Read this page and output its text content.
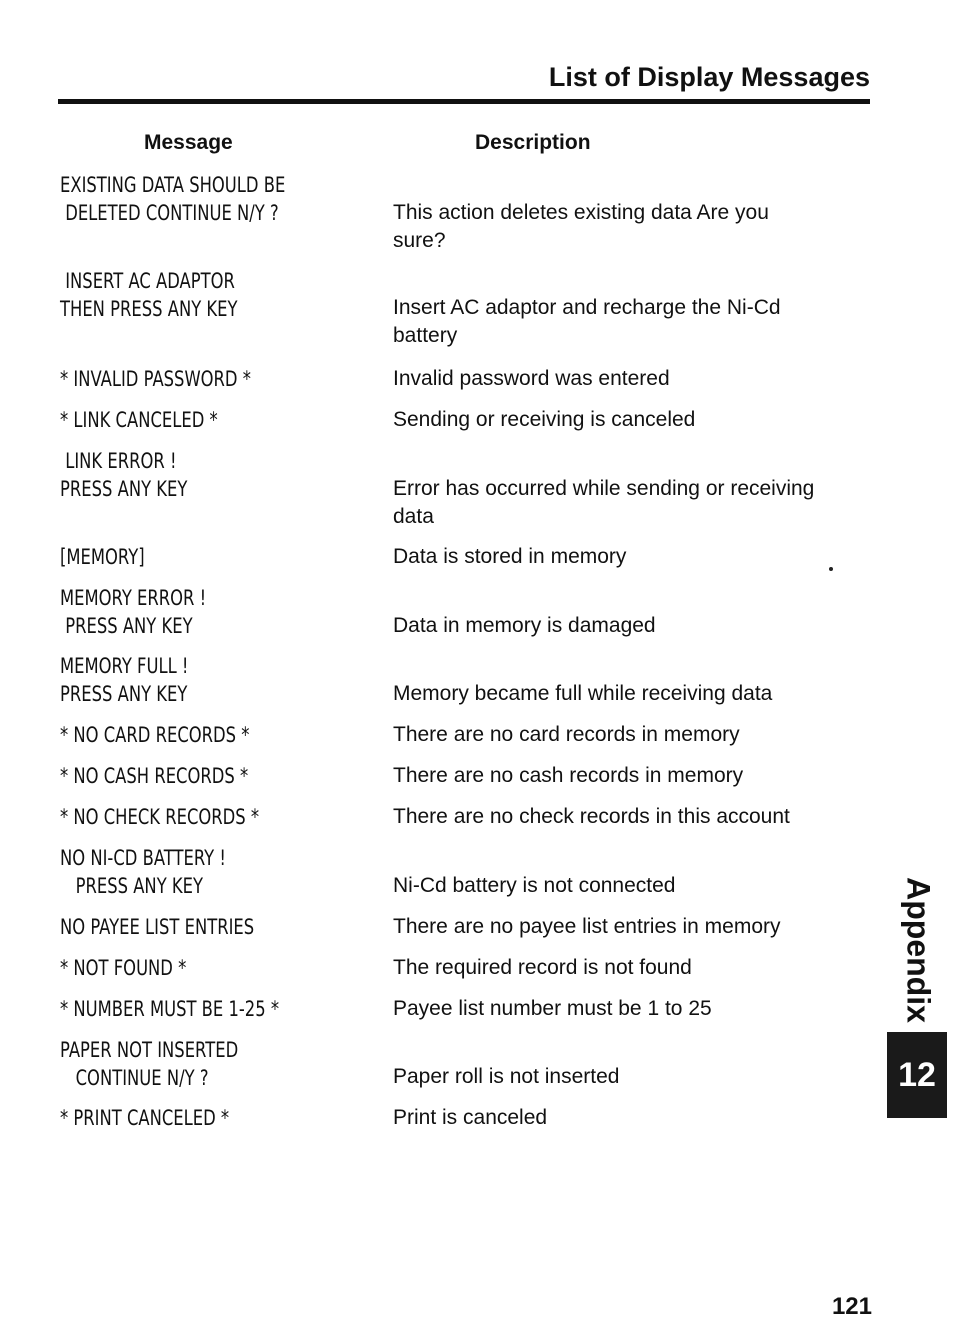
List of Display Messages
Message	Description
EXISTING DATA SHOULD BE
DELETED CONTINUE N/Y ?	This action deletes existing data Are you
sure?
INSERT AC ADAPTOR
THEN PRESS ANY KEY	Insert AC adaptor and recharge the Ni-Cd
battery
* INVALID PASSWORD *	Invalid password was entered
* LINK CANCELED *	Sending or receiving is canceled
LINK ERROR !
PRESS ANY KEY	Error has occurred while sending or receiving
data
[MEMORY]	Data is stored in memory
MEMORY ERROR !
PRESS ANY KEY	Data in memory is damaged
MEMORY FULL !
PRESS ANY KEY	Memory became full while receiving data
* NO CARD RECORDS *	There are no card records in memory
* NO CASH RECORDS *	There are no cash records in memory
* NO CHECK RECORDS *	There are no check records in this account
NO NI-CD BATTERY !
PRESS ANY KEY	Ni-Cd battery is not connected
NO PAYEE LIST ENTRIES	There are no payee list entries in memory
* NOT FOUND *	The required record is not found
* NUMBER MUST BE 1-25 *	Payee list number must be 1 to 25
PAPER NOT INSERTED
CONTINUE N/Y ?	Paper roll is not inserted
* PRINT CANCELED *	Print is canceled
Appendix
12
121
